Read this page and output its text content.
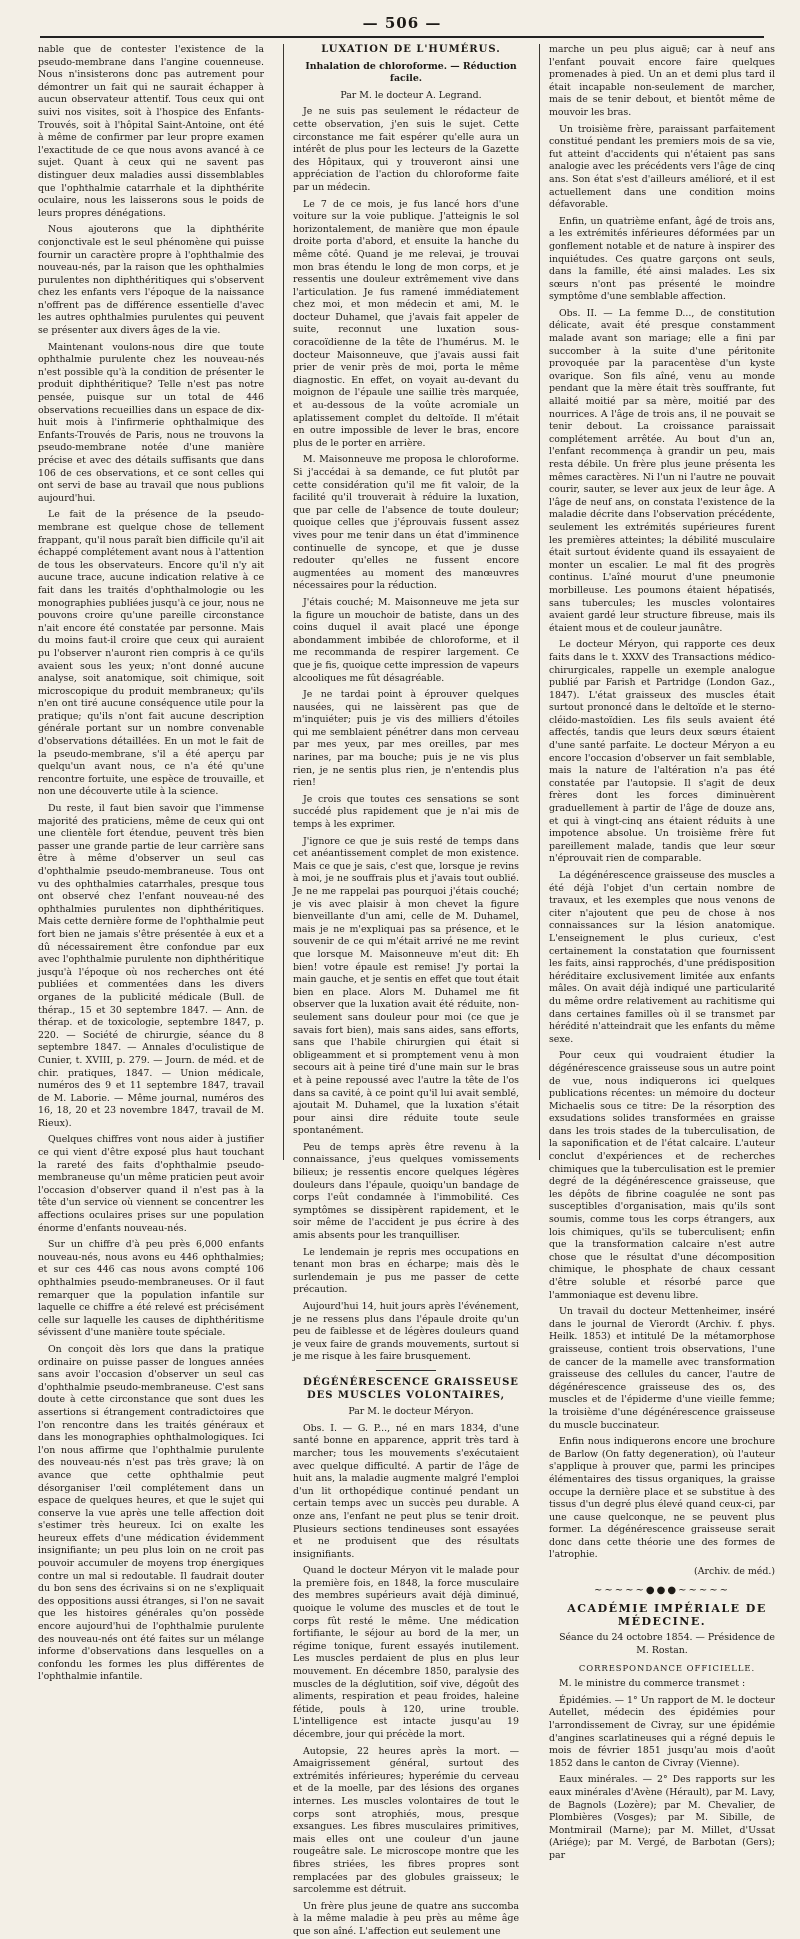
— 506 —

nable que de contester l'existence de la pseudo-membrane dans l'angine couenneuse. Nous n'insisterons donc pas autrement pour démontrer un fait qui ne saurait échapper à aucun observateur attentif. Tous ceux qui ont suivi nos visites, soit à l'hospice des Enfants-Trouvés, soit à l'hôpital Saint-Antoine, ont été à même de confirmer par leur propre examen l'exactitude de ce que nous avons avancé à ce sujet. Quant à ceux qui ne savent pas distinguer deux maladies aussi dissemblables que l'ophthalmie catarrhale et la diphthérite oculaire, nous les laisserons sous le poids de leurs propres dénégations.

Nous ajouterons que la diphthérite conjonctivale est le seul phénomène qui puisse fournir un caractère propre à l'ophthalmie des nouveau-nés, par la raison que les ophthalmies purulentes non diphthéritiques qui s'observent chez les enfants vers l'époque de la naissance n'offrent pas de différence essentielle d'avec les autres ophthalmies purulentes qui peuvent se présenter aux divers âges de la vie.

Maintenant voulons-nous dire que toute ophthalmie purulente chez les nouveau-nés n'est possible qu'à la condition de présenter le produit diphthéritique? Telle n'est pas notre pensée, puisque sur un total de 446 observations recueillies dans un espace de dix-huit mois à l'infirmerie ophthalmique des Enfants-Trouvés de Paris, nous ne trouvons la pseudo-membrane notée d'une manière précise et avec des détails suffisants que dans 106 de ces observations, et ce sont celles qui ont servi de base au travail que nous publions aujourd'hui.

Le fait de la présence de la pseudo-membrane est quelque chose de tellement frappant, qu'il nous paraît bien difficile qu'il ait échappé complétement avant nous à l'attention de tous les observateurs. Encore qu'il n'y ait aucune trace, aucune indication relative à ce fait dans les traités d'ophthalmologie ou les monographies publiées jusqu'à ce jour, nous ne pouvons croire qu'une pareille circonstance n'ait encore été constatée par personne. Mais du moins faut-il croire que ceux qui auraient pu l'observer n'auront rien compris à ce qu'ils avaient sous les yeux; n'ont donné aucune analyse, soit anatomique, soit chimique, soit microscopique du produit membraneux; qu'ils n'en ont tiré aucune conséquence utile pour la pratique; qu'ils n'ont fait aucune description générale portant sur un nombre convenable d'observations détaillées. En un mot le fait de la pseudo-membrane, s'il a été aperçu par quelqu'un avant nous, ce n'a été qu'une rencontre fortuite, une espèce de trouvaille, et non une découverte utile à la science.

Du reste, il faut bien savoir que l'immense majorité des praticiens, même de ceux qui ont une clientèle fort étendue, peuvent très bien passer une grande partie de leur carrière sans être à même d'observer un seul cas d'ophthalmie pseudo-membraneuse. Tous ont vu des ophthalmies catarrhales, presque tous ont observé chez l'enfant nouveau-né des ophthalmies purulentes non diphthéritiques. Mais cette dernière forme de l'ophthalmie peut fort bien ne jamais s'être présentée à eux et a dû nécessairement être confondue par eux avec l'ophthalmie purulente non diphthéritique jusqu'à l'époque où nos recherches ont été publiées et commentées dans les divers organes de la publicité médicale (Bull. de thérap., 15 et 30 septembre 1847. — Ann. de thérap. et de toxicologie, septembre 1847, p. 220. — Société de chirurgie, séance du 8 septembre 1847. — Annales d'oculistique de Cunier, t. XVIII, p. 279. — Journ. de méd. et de chir. pratiques, 1847. — Union médicale, numéros des 9 et 11 septembre 1847, travail de M. Laborie. — Même journal, numéros des 16, 18, 20 et 23 novembre 1847, travail de M. Rieux).

Quelques chiffres vont nous aider à justifier ce qui vient d'être exposé plus haut touchant la rareté des faits d'ophthalmie pseudo-membraneuse qu'un même praticien peut avoir l'occasion d'observer quand il n'est pas à la tête d'un service où viennent se concentrer les affections oculaires prises sur une population énorme d'enfants nouveau-nés.

Sur un chiffre d'à peu près 6,000 enfants nouveau-nés, nous avons eu 446 ophthalmies; et sur ces 446 cas nous avons compté 106 ophthalmies pseudo-membraneuses. Or il faut remarquer que la population infantile sur laquelle ce chiffre a été relevé est précisément celle sur laquelle les causes de diphthéritisme sévissent d'une manière toute spéciale.

On conçoit dès lors que dans la pratique ordinaire on puisse passer de longues années sans avoir l'occasion d'observer un seul cas d'ophthalmie pseudo-membraneuse. C'est sans doute à cette circonstance que sont dues les assertions si étrangement contradictoires que l'on rencontre dans les traités généraux et dans les monographies ophthalmologiques. Ici l'on nous affirme que l'ophthalmie purulente des nouveau-nés n'est pas très grave; là on avance que cette ophthalmie peut désorganiser l'œil complétement dans un espace de quelques heures, et que le sujet qui conserve la vue après une telle affection doit s'estimer très heureux. Ici on exalte les heureux effets d'une médication évidemment insignifiante; un peu plus loin on ne croit pas pouvoir accumuler de moyens trop énergiques contre un mal si redoutable. Il faudrait douter du bon sens des écrivains si on ne s'expliquait des oppositions aussi étranges, si l'on ne savait que les histoires générales qu'on possède encore aujourd'hui de l'ophthalmie purulente des nouveau-nés ont été faites sur un mélange informe d'observations dans lesquelles on a confondu les formes les plus différentes de l'ophthalmie infantile.

LUXATION DE L'HUMÉRUS.

Inhalation de chloroforme. — Réduction facile.

Par M. le docteur A. Legrand.

Je ne suis pas seulement le rédacteur de cette observation, j'en suis le sujet. Cette circonstance me fait espérer qu'elle aura un intérêt de plus pour les lecteurs de la Gazette des Hôpitaux, qui y trouveront ainsi une appréciation de l'action du chloroforme faite par un médecin.

Le 7 de ce mois, je fus lancé hors d'une voiture sur la voie publique. J'atteignis le sol horizontalement, de manière que mon épaule droite porta d'abord, et ensuite la hanche du même côté. Quand je me relevai, je trouvai mon bras étendu le long de mon corps, et je ressentis une douleur extrêmement vive dans l'articulation. Je fus ramené immédiatement chez moi, et mon médecin et ami, M. le docteur Duhamel, que j'avais fait appeler de suite, reconnut une luxation sous-coracoïdienne de la tête de l'humérus. M. le docteur Maisonneuve, que j'avais aussi fait prier de venir près de moi, porta le même diagnostic. En effet, on voyait au-devant du moignon de l'épaule une saillie très marquée, et au-dessous de la voûte acromiale un aplatissement complet du deltoïde. Il m'était en outre impossible de lever le bras, encore plus de le porter en arrière.

M. Maisonneuve me proposa le chloroforme. Si j'accédai à sa demande, ce fut plutôt par cette considération qu'il me fit valoir, de la facilité qu'il trouverait à réduire la luxation, que par celle de l'absence de toute douleur; quoique celles que j'éprouvais fussent assez vives pour me tenir dans un état d'imminence continuelle de syncope, et que je dusse redouter qu'elles ne fussent encore augmentées au moment des manœuvres nécessaires pour la réduction.

J'étais couché; M. Maisonneuve me jeta sur la figure un mouchoir de batiste, dans un des coins duquel il avait placé une éponge abondamment imbibée de chloroforme, et il me recommanda de respirer largement. Ce que je fis, quoique cette impression de vapeurs alcooliques me fût désagréable.

Je ne tardai point à éprouver quelques nausées, qui ne laissèrent pas que de m'inquiéter; puis je vis des milliers d'étoiles qui me semblaient pénétrer dans mon cerveau par mes yeux, par mes oreilles, par mes narines, par ma bouche; puis je ne vis plus rien, je ne sentis plus rien, je n'entendis plus rien!

Je crois que toutes ces sensations se sont succédé plus rapidement que je n'ai mis de temps à les exprimer.

J'ignore ce que je suis resté de temps dans cet anéantissement complet de mon existence. Mais ce que je sais, c'est que, lorsque je revins à moi, je ne souffrais plus et j'avais tout oublié. Je ne me rappelai pas pourquoi j'étais couché; je vis avec plaisir à mon chevet la figure bienveillante d'un ami, celle de M. Duhamel, mais je ne m'expliquai pas sa présence, et le souvenir de ce qui m'était arrivé ne me revint que lorsque M. Maisonneuve m'eut dit: Eh bien! votre épaule est remise! J'y portai la main gauche, et je sentis en effet que tout était bien en place. Alors M. Duhamel me fit observer que la luxation avait été réduite, non-seulement sans douleur pour moi (ce que je savais fort bien), mais sans aides, sans efforts, sans que l'habile chirurgien qui était si obligeamment et si promptement venu à mon secours ait à peine tiré d'une main sur le bras et à peine repoussé avec l'autre la tête de l'os dans sa cavité, à ce point qu'il lui avait semblé, ajoutait M. Duhamel, que la luxation s'était pour ainsi dire réduite toute seule spontanément.

Peu de temps après être revenu à la connaissance, j'eus quelques vomissements bilieux; je ressentis encore quelques légères douleurs dans l'épaule, quoiqu'un bandage de corps l'eût condamnée à l'immobilité. Ces symptômes se dissipèrent rapidement, et le soir même de l'accident je pus écrire à des amis absents pour les tranquilliser.

Le lendemain je repris mes occupations en tenant mon bras en écharpe; mais dès le surlendemain je pus me passer de cette précaution.

Aujourd'hui 14, huit jours après l'événement, je ne ressens plus dans l'épaule droite qu'un peu de faiblesse et de légères douleurs quand je veux faire de grands mouvements, surtout si je me risque à les faire brusquement.

DÉGÉNÉRESCENCE GRAISSEUSE DES MUSCLES VOLONTAIRES,

Par M. le docteur Méryon.

Obs. I. — G. P..., né en mars 1834, d'une santé bonne en apparence, apprit très tard à marcher; tous les mouvements s'exécutaient avec quelque difficulté. A partir de l'âge de huit ans, la maladie augmente malgré l'emploi d'un lit orthopédique continué pendant un certain temps avec un succès peu durable. A onze ans, l'enfant ne peut plus se tenir droit. Plusieurs sections tendineuses sont essayées et ne produisent que des résultats insignifiants.

Quand le docteur Méryon vit le malade pour la première fois, en 1848, la force musculaire des membres supérieurs avait déjà diminué, quoique le volume des muscles et de tout le corps fût resté le même. Une médication fortifiante, le séjour au bord de la mer, un régime tonique, furent essayés inutilement. Les muscles perdaient de plus en plus leur mouvement. En décembre 1850, paralysie des muscles de la déglutition, soif vive, dégoût des aliments, respiration et peau froides, haleine fétide, pouls à 120, urine trouble. L'intelligence est intacte jusqu'au 19 décembre, jour qui précède la mort.

Autopsie, 22 heures après la mort. — Amaigrissement général, surtout des extrémités inférieures; hyperémie du cerveau et de la moelle, par des lésions des organes internes. Les muscles volontaires de tout le corps sont atrophiés, mous, presque exsangues. Les fibres musculaires primitives, mais elles ont une couleur d'un jaune rougeâtre sale. Le microscope montre que les fibres striées, les fibres propres sont remplacées par des globules graisseux; le sarcolemme est détruit.

Un frère plus jeune de quatre ans succomba à la même maladie à peu près au même âge que son aîné. L'affection eut seulement une

marche un peu plus aiguë; car à neuf ans l'enfant pouvait encore faire quelques promenades à pied. Un an et demi plus tard il était incapable non-seulement de marcher, mais de se tenir debout, et bientôt même de mouvoir les bras.

Un troisième frère, paraissant parfaitement constitué pendant les premiers mois de sa vie, fut atteint d'accidents qui n'étaient pas sans analogie avec les précédents vers l'âge de cinq ans. Son état s'est d'ailleurs amélioré, et il est actuellement dans une condition moins défavorable.

Enfin, un quatrième enfant, âgé de trois ans, a les extrémités inférieures déformées par un gonflement notable et de nature à inspirer des inquiétudes. Ces quatre garçons ont seuls, dans la famille, été ainsi malades. Les six sœurs n'ont pas présenté le moindre symptôme d'une semblable affection.

Obs. II. — La femme D..., de constitution délicate, avait été presque constamment malade avant son mariage; elle a fini par succomber à la suite d'une péritonite provoquée par la paracentèse d'un kyste ovarique. Son fils aîné, venu au monde pendant que la mère était très souffrante, fut allaité moitié par sa mère, moitié par des nourrices. A l'âge de trois ans, il ne pouvait se tenir debout. La croissance paraissait complétement arrêtée. Au bout d'un an, l'enfant recommença à grandir un peu, mais resta débile. Un frère plus jeune présenta les mêmes caractères. Ni l'un ni l'autre ne pouvait courir, sauter, se lever aux jeux de leur âge. A l'âge de neuf ans, on constata l'existence de la maladie décrite dans l'observation précédente, seulement les extrémités supérieures furent les premières atteintes; la débilité musculaire était surtout évidente quand ils essayaient de monter un escalier. Le mal fit des progrès continus. L'aîné mourut d'une pneumonie morbilleuse. Les poumons étaient hépatisés, sans tubercules; les muscles volontaires avaient gardé leur structure fibreuse, mais ils étaient mous et de couleur jaunâtre.

Le docteur Méryon, qui rapporte ces deux faits dans le t. XXXV des Transactions médico-chirurgicales, rappelle un exemple analogue publié par Farish et Partridge (London Gaz., 1847). L'état graisseux des muscles était surtout prononcé dans le deltoïde et le sterno-cléido-mastoïdien. Les fils seuls avaient été affectés, tandis que leurs deux sœurs étaient d'une santé parfaite. Le docteur Méryon a eu encore l'occasion d'observer un fait semblable, mais la nature de l'altération n'a pas été constatée par l'autopsie. Il s'agit de deux frères dont les forces diminuèrent graduellement à partir de l'âge de douze ans, et qui à vingt-cinq ans étaient réduits à une impotence absolue. Un troisième frère fut pareillement malade, tandis que leur sœur n'éprouvait rien de comparable.

La dégénérescence graisseuse des muscles a été déjà l'objet d'un certain nombre de travaux, et les exemples que nous venons de citer n'ajoutent que peu de chose à nos connaissances sur la lésion anatomique. L'enseignement le plus curieux, c'est certainement la constatation que fournissent les faits, ainsi rapprochés, d'une prédisposition héréditaire exclusivement limitée aux enfants mâles. On avait déjà indiqué une particularité du même ordre relativement au rachitisme qui dans certaines familles où il se transmet par hérédité n'atteindrait que les enfants du même sexe.

Pour ceux qui voudraient étudier la dégénérescence graisseuse sous un autre point de vue, nous indiquerons ici quelques publications récentes: un mémoire du docteur Michaelis sous ce titre: De la résorption des exsudations solides transformées en graisse dans les trois stades de la tuberculisation, de la saponification et de l'état calcaire. L'auteur conclut d'expériences et de recherches chimiques que la tuberculisation est le premier degré de la dégénérescence graisseuse, que les dépôts de fibrine coagulée ne sont pas susceptibles d'organisation, mais qu'ils sont soumis, comme tous les corps étrangers, aux lois chimiques, qu'ils se tuberculisent; enfin que la transformation calcaire n'est autre chose que le résultat d'une décomposition chimique, le phosphate de chaux cessant d'être soluble et résorbé parce que l'ammoniaque est devenu libre.

Un travail du docteur Mettenheimer, inséré dans le journal de Vierordt (Archiv. f. phys. Heilk. 1853) et intitulé De la métamorphose graisseuse, contient trois observations, l'une de cancer de la mamelle avec transformation graisseuse des cellules du cancer, l'autre de dégénérescence graisseuse des os, des muscles et de l'épiderme d'une vieille femme; la troisième d'une dégénérescence graisseuse du muscle buccinateur.

Enfin nous indiquerons encore une brochure de Barlow (On fatty degeneration), où l'auteur s'applique à prouver que, parmi les principes élémentaires des tissus organiques, la graisse occupe la dernière place et se substitue à des tissus d'un degré plus élevé quand ceux-ci, par une cause quelconque, ne se peuvent plus former. La dégénérescence graisseuse serait donc dans cette théorie une des formes de l'atrophie.

(Archiv. de méd.)

~~~~~●●●~~~~~

ACADÉMIE IMPÉRIALE DE MÉDECINE.

Séance du 24 octobre 1854. — Présidence de M. Rostan.

CORRESPONDANCE OFFICIELLE.

M. le ministre du commerce transmet :

Épidémies. — 1° Un rapport de M. le docteur Autellet, médecin des épidémies pour l'arrondissement de Civray, sur une épidémie d'angines scarlatineuses qui a régné depuis le mois de février 1851 jusqu'au mois d'août 1852 dans le canton de Civray (Vienne).

Eaux minérales. — 2° Des rapports sur les eaux minérales d'Avène (Hérault), par M. Lavy, de Bagnols (Lozère); par M. Chevalier, de Plombières (Vosges); par M. Sibille, de Montmirail (Marne); par M. Millet, d'Ussat (Ariége); par M. Vergé, de Barbotan (Gers); par
